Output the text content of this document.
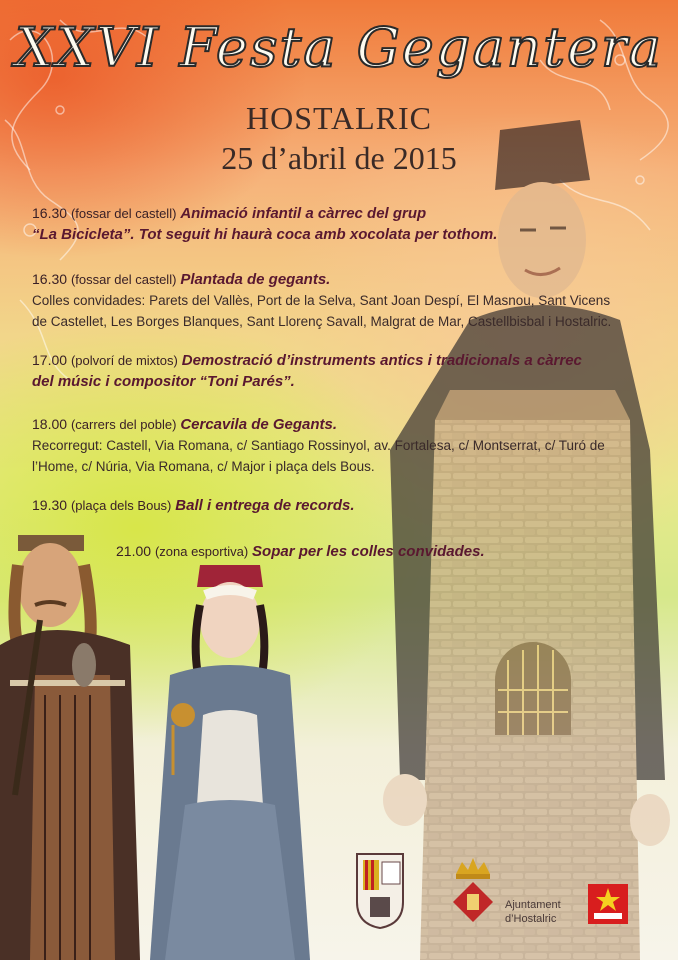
XXVI Festa Gegantera
HOSTALRIC
25 d’abril de 2015
16.30 (fossar del castell) Animació infantil a càrrec del grup
“La Bicicleta”. Tot seguit hi haurà coca amb xocolata per tothom.
16.30 (fossar del castell) Plantada de gegants.
Colles convidades: Parets del Vallès, Port de la Selva, Sant Joan Despí, El Masnou, Sant Vicens
de Castellet, Les Borges Blanques, Sant Llorenç Savall, Malgrat de Mar, Castellbisbal i Hostalric.
17.00 (polvorí de mixtos) Demostració d’instruments antics i tradicionals a càrrec
del músic i compositor “Toni Parés”.
18.00 (carrers del poble) Cercavila de Gegants.
Recorregut: Castell, Via Romana, c/ Santiago Rossinyol, av. Fortalesa, c/ Montserrat, c/ Turó de
l’Home, c/ Núria, Via Romana, c/ Major i plaça dels Bous.
19.30 (plaça dels Bous) Ball i entrega de records.
21.00 (zona esportiva) Sopar per les colles convidades.
Ajuntament
d’Hostalric
